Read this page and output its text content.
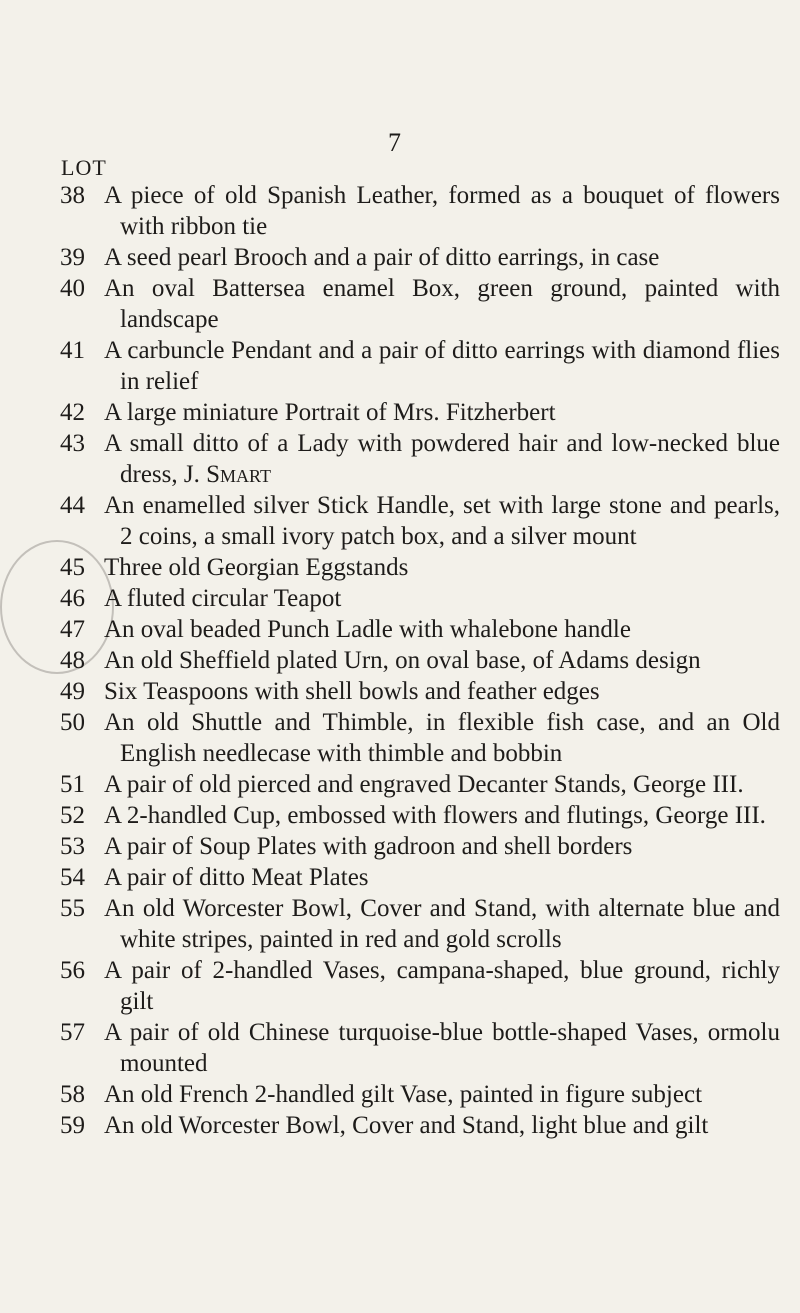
7
LOT
38 A piece of old Spanish Leather, formed as a bouquet of flowers with ribbon tie
39 A seed pearl Brooch and a pair of ditto earrings, in case
40 An oval Battersea enamel Box, green ground, painted with landscape
41 A carbuncle Pendant and a pair of ditto earrings with diamond flies in relief
42 A large miniature Portrait of Mrs. Fitzherbert
43 A small ditto of a Lady with powdered hair and low-necked blue dress, J. Smart
44 An enamelled silver Stick Handle, set with large stone and pearls, 2 coins, a small ivory patch box, and a silver mount
45 Three old Georgian Eggstands
46 A fluted circular Teapot
47 An oval beaded Punch Ladle with whalebone handle
48 An old Sheffield plated Urn, on oval base, of Adams design
49 Six Teaspoons with shell bowls and feather edges
50 An old Shuttle and Thimble, in flexible fish case, and an Old English needlecase with thimble and bobbin
51 A pair of old pierced and engraved Decanter Stands, George III.
52 A 2-handled Cup, embossed with flowers and flutings, George III.
53 A pair of Soup Plates with gadroon and shell borders
54 A pair of ditto Meat Plates
55 An old Worcester Bowl, Cover and Stand, with alternate blue and white stripes, painted in red and gold scrolls
56 A pair of 2-handled Vases, campana-shaped, blue ground, richly gilt
57 A pair of old Chinese turquoise-blue bottle-shaped Vases, ormolu mounted
58 An old French 2-handled gilt Vase, painted in figure subject
59 An old Worcester Bowl, Cover and Stand, light blue and gilt
